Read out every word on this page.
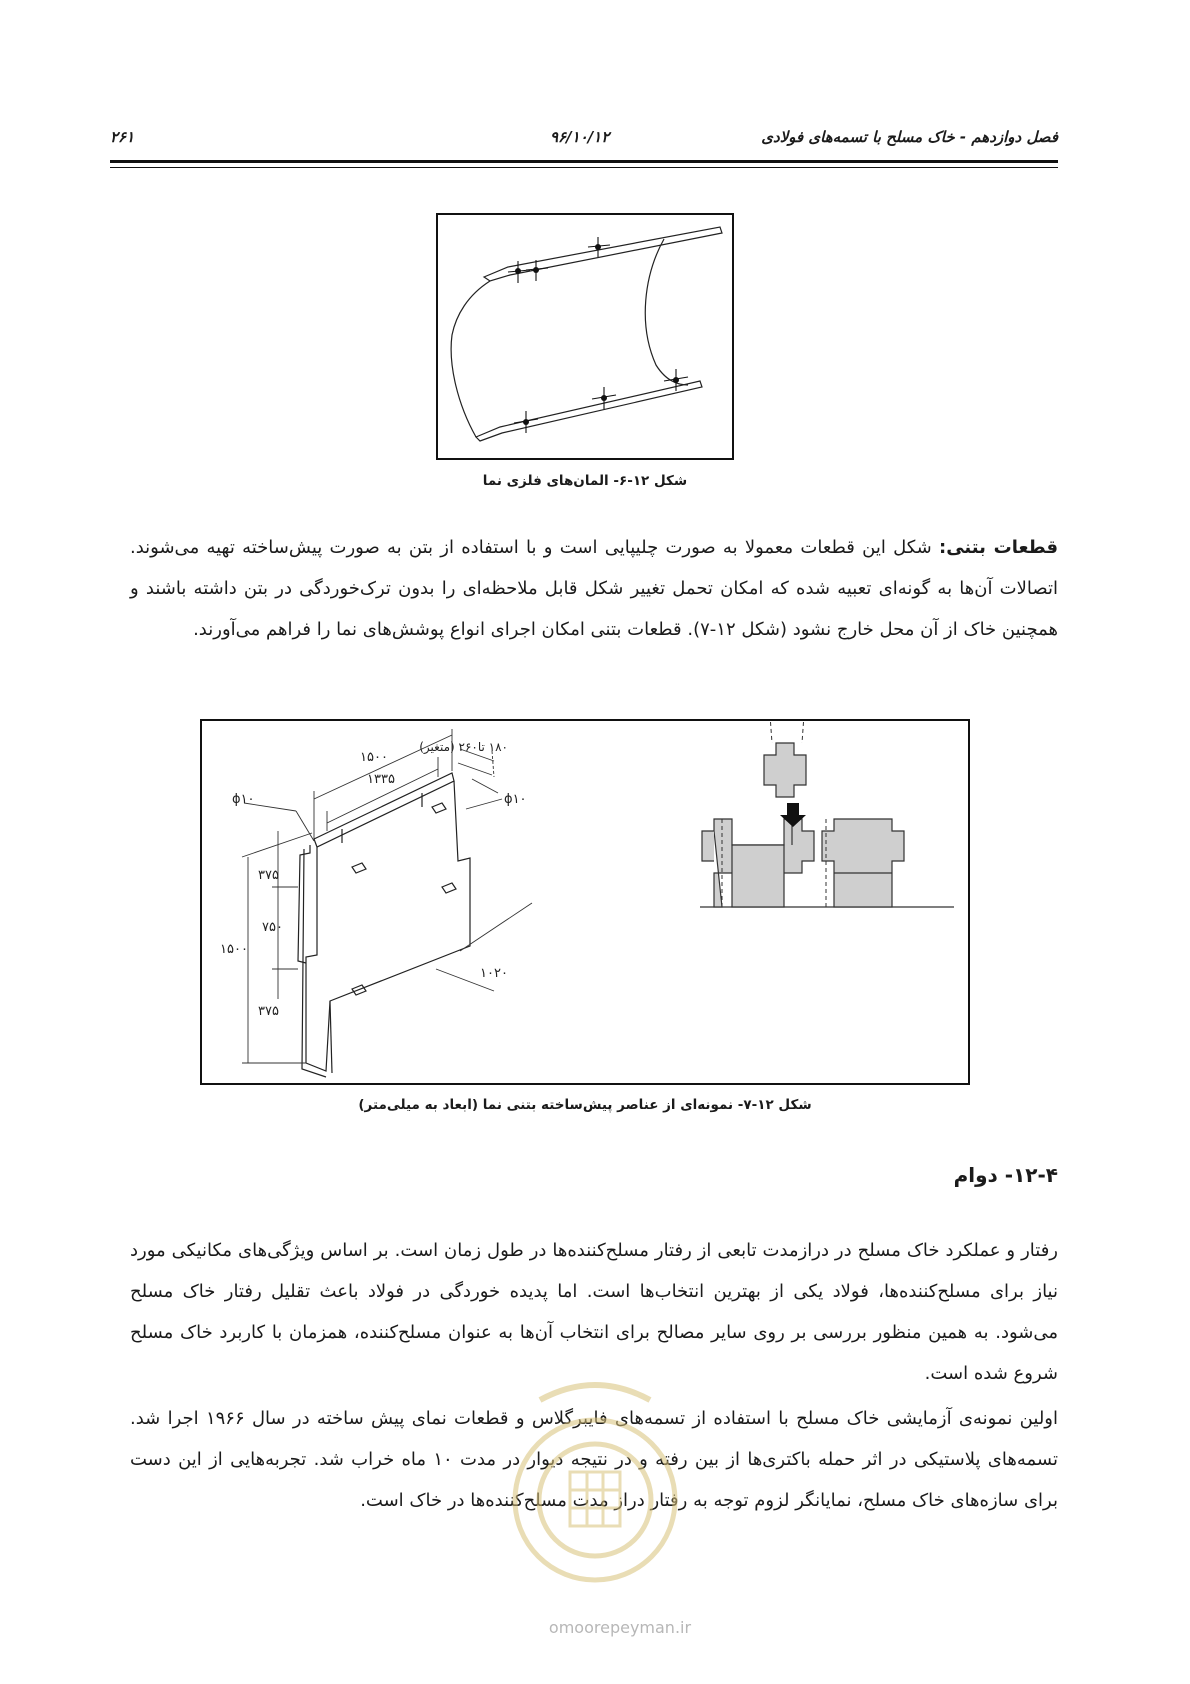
فصل دوازدهم - خاک مسلح با تسمه‌های فولادی
۹۶/۱۰/۱۲
۲۶۱
شکل ۱۲-۶- المان‌های فلزی نما
قطعات بتنی: شکل این قطعات معمولا به صورت چلیپایی است و با استفاده از بتن به صورت پیش‌ساخته تهیه می‌شوند. اتصالات آن‌ها به گونه‌ای تعبیه شده که امکان تحمل تغییر شکل قابل ملاحظه‌ای را بدون ترک‌خوردگی در بتن داشته باشند و همچنین خاک از آن محل خارج نشود (شکل ۱۲-۷). قطعات بتنی امکان اجرای انواع پوشش‌های نما را فراهم می‌آورند.
۱۵۰۰
۱۳۳۵
۱۸۰ تا۲۶۰ (متغیر)
ϕ۱۰
ϕ۱۰
۳۷۵
۷۵۰
۱۵۰۰
۳۷۵
۱۰۲۰
شکل ۱۲-۷- نمونه‌ای از عناصر پیش‌ساخته بتنی نما (ابعاد به میلی‌متر)
۱۲-۴- دوام
رفتار و عملکرد خاک مسلح در درازمدت تابعی از رفتار مسلح‌کننده‌ها در طول زمان است. بر اساس ویژگی‌های مکانیکی مورد نیاز برای مسلح‌کننده‌ها، فولاد یکی از بهترین انتخاب‌ها است. اما پدیده خوردگی در فولاد باعث تقلیل رفتار خاک مسلح می‌شود. به همین منظور بررسی بر روی سایر مصالح برای انتخاب آن‌ها به عنوان مسلح‌کننده، همزمان با کاربرد خاک مسلح شروع شده است.
اولین نمونه‌ی آزمایشی خاک مسلح با استفاده از تسمه‌های فایبرگلاس و قطعات نمای پیش ساخته در سال ۱۹۶۶ اجرا شد. تسمه‌های پلاستیکی در اثر حمله باکتری‌ها از بین رفته و در نتیجه دیوار در مدت ۱۰ ماه خراب شد. تجربه‌هایی از این دست برای سازه‌های خاک مسلح، نمایانگر لزوم توجه به رفتار دراز مدت مسلح‌کننده‌ها در خاک است.
omoorepeyman.ir
